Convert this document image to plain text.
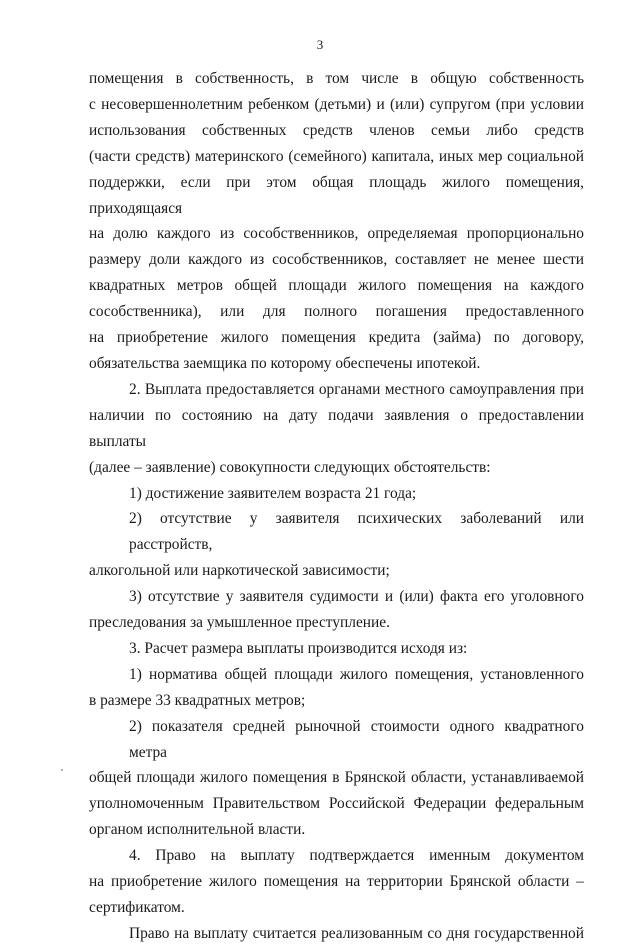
3
помещения в собственность, в том числе в общую собственность
с несовершеннолетним ребенком (детьми) и (или) супругом (при условии
использования собственных средств членов семьи либо средств
(части средств) материнского (семейного) капитала, иных мер социальной
поддержки, если при этом общая площадь жилого помещения, приходящаяся
на долю каждого из сособственников, определяемая пропорционально
размеру доли каждого из сособственников, составляет не менее шести
квадратных метров общей площади жилого помещения на каждого
сособственника), или для полного погашения предоставленного
на приобретение жилого помещения кредита (займа) по договору,
обязательства заемщика по которому обеспечены ипотекой.
2. Выплата предоставляется органами местного самоуправления при
наличии по состоянию на дату подачи заявления о предоставлении выплаты
(далее – заявление) совокупности следующих обстоятельств:
1) достижение заявителем возраста 21 года;
2) отсутствие у заявителя психических заболеваний или расстройств,
алкогольной или наркотической зависимости;
3) отсутствие у заявителя судимости и (или) факта его уголовного
преследования за умышленное преступление.
3. Расчет размера выплаты производится исходя из:
1) норматива общей площади жилого помещения, установленного
в размере 33 квадратных метров;
2) показателя средней рыночной стоимости одного квадратного метра
общей площади жилого помещения в Брянской области, устанавливаемой
уполномоченным Правительством Российской Федерации федеральным
органом исполнительной власти.
4. Право на выплату подтверждается именным документом
на приобретение жилого помещения на территории Брянской области –
сертификатом.
Право на выплату считается реализованным со дня государственной
